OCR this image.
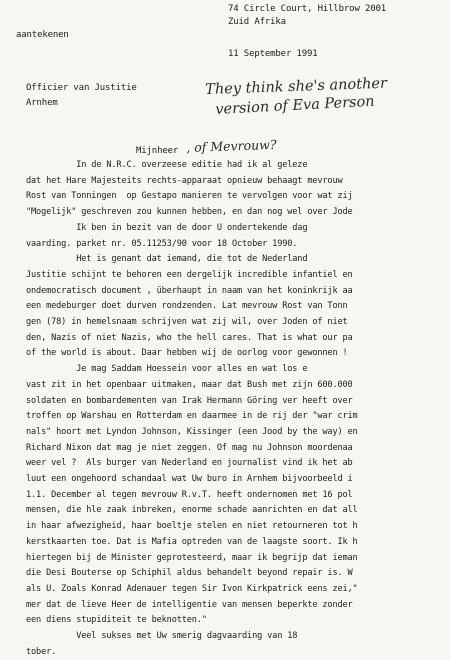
74 Circle Court, Hillbrow 2001
Zuid Afrika
aantekenen
11 September 1991
Officier van Justitie
Arnhem
They think she's another
version of Eva Person
Mijnheer , of Mevrouw?
In de N.R.C. overzeese editie had ik al geleze
dat het Hare Majesteits rechts-apparaat opnieuw behaagt mevrouw
Rost van Tonningen  op Gestapo manieren te vervolgen voor wat zij
"Mogelijk" geschreven zou kunnen hebben, en dan nog wel over Jode
Ik ben in bezit van de door U ondertekende dag
vaarding. parket nr. 05.11253/90 voor 18 October 1990.
Het is genant dat iemand, die tot de Nederland
Justitie schijnt te behoren een dergelijk incredible infantiel en
ondemocratisch document , überhaupt in naam van het koninkrijk aa
een medeburger doet durven rondzenden. Lat mevrouw Rost van Tonn
gen (78) in hemelsnaam schrijven wat zij wil, over Joden of niet
den, Nazis of niet Nazis, who the hell cares. That is what our pa
of the world is about. Daar hebben wij de oorlog voor gewonnen !
Je mag Saddam Hoessein voor alles en wat los e
vast zit in het openbaar uitmaken, maar dat Bush met zijn 600.000
soldaten en bombardementen van Irak Hermann Göring ver heeft over
troffen op Warshau en Rotterdam en daarmee in de rij der "war crim
nals" hoort met Lyndon Johnson, Kissinger (een Jood by the way) en
Richard Nixon dat mag je niet zeggen. Of mag nu Johnson moordenaa
weer vel ?  Als burger van Nederland en journalist vind ik het ab
luut een ongehoord schandaal wat Uw buro in Arnhem bijvoorbeeld i
1.1. December al tegen mevrouw R.v.T. heeft ondernomen met 16 pol
mensen, die hle zaak inbreken, enorme schade aanrichten en dat all
in haar afwezigheid, haar boeltje stelen en niet retourneren tot h
kerstkaarten toe. Dat is Mafia optreden van de laagste soort. Ik h
hiertegen bij de Minister geprotesteerd, maar ik begrijp dat ieman
die Desi Bouterse op Schiphil aldus behandelt beyond repair is. W
als U. Zoals Konrad Adenauer tegen Sir Ivon Kirkpatrick eens zei,"
mer dat de lieve Heer de intelligentie van mensen beperkte zonder
een diens stupiditeit te beknotten."
Veel sukses met Uw smerig dagvaarding van 18
tober.
